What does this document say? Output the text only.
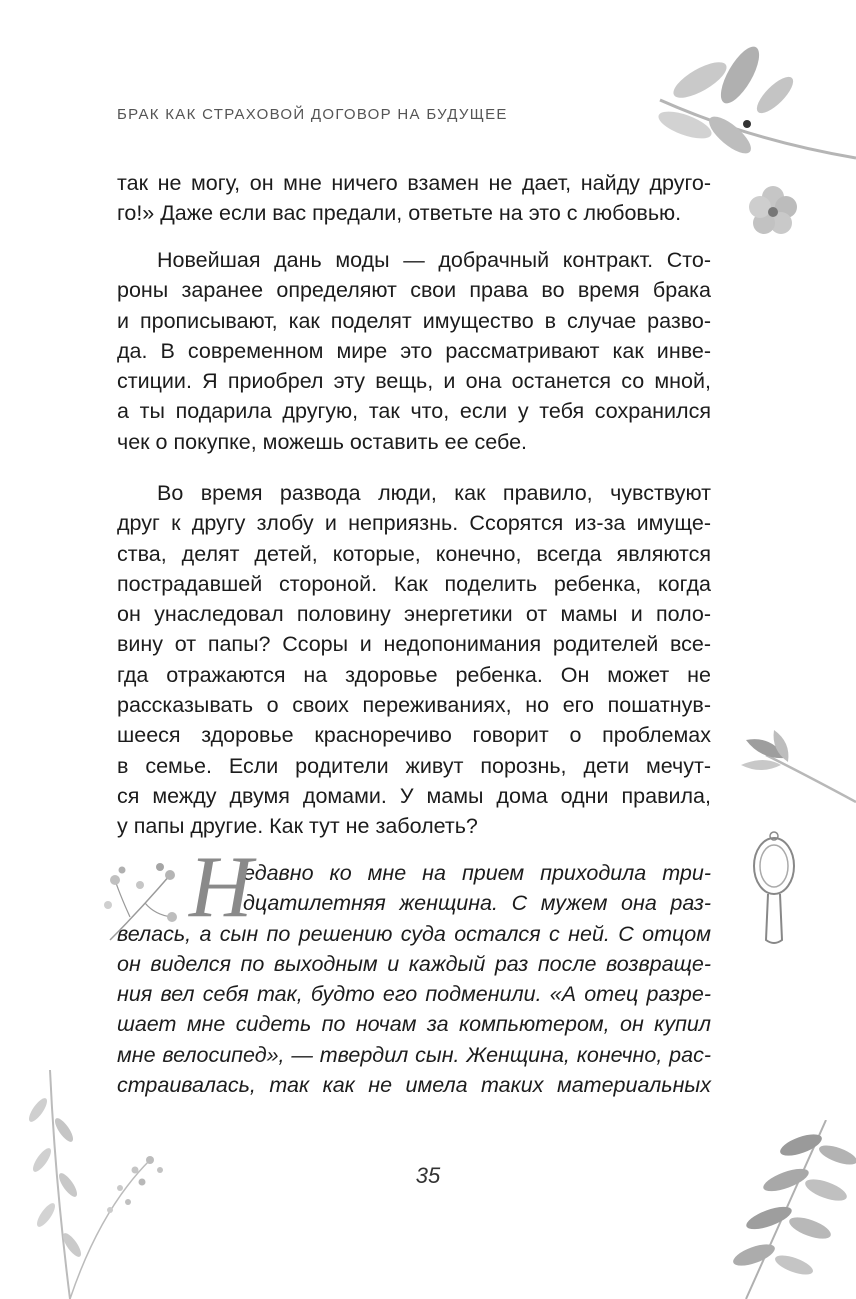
БРАК КАК СТРАХОВОЙ ДОГОВОР НА БУДУЩЕЕ
так не могу, он мне ничего взамен не дает, найду друго-
го!» Даже если вас предали, ответьте на это с любовью.
Новейшая дань моды — добрачный контракт. Сто-
роны заранее определяют свои права во время брака
и прописывают, как поделят имущество в случае разво-
да. В современном мире это рассматривают как инве-
стиции. Я приобрел эту вещь, и она останется со мной,
а ты подарила другую, так что, если у тебя сохранился
чек о покупке, можешь оставить ее себе.
Во время развода люди, как правило, чувствуют
друг к другу злобу и неприязнь. Ссорятся из-за имуще-
ства, делят детей, которые, конечно, всегда являются
пострадавшей стороной. Как поделить ребенка, когда
он унаследовал половину энергетики от мамы и поло-
вину от папы? Ссоры и недопонимания родителей все-
гда отражаются на здоровье ребенка. Он может не
рассказывать о своих переживаниях, но его пошатнув-
шееся здоровье красноречиво говорит о проблемах
в семье. Если родители живут порознь, дети мечут-
ся между двумя домами. У мамы дома одни правила,
у папы другие. Как тут не заболеть?
Н
едавно ко мне на прием приходила три-
дцатилетняя женщина. С мужем она раз-
велась, а сын по решению суда остался с ней. С отцом
он виделся по выходным и каждый раз после возвраще-
ния вел себя так, будто его подменили. «А отец разре-
шает мне сидеть по ночам за компьютером, он купил
мне велосипед», — твердил сын. Женщина, конечно, рас-
страивалась, так как не имела таких материальных
35
